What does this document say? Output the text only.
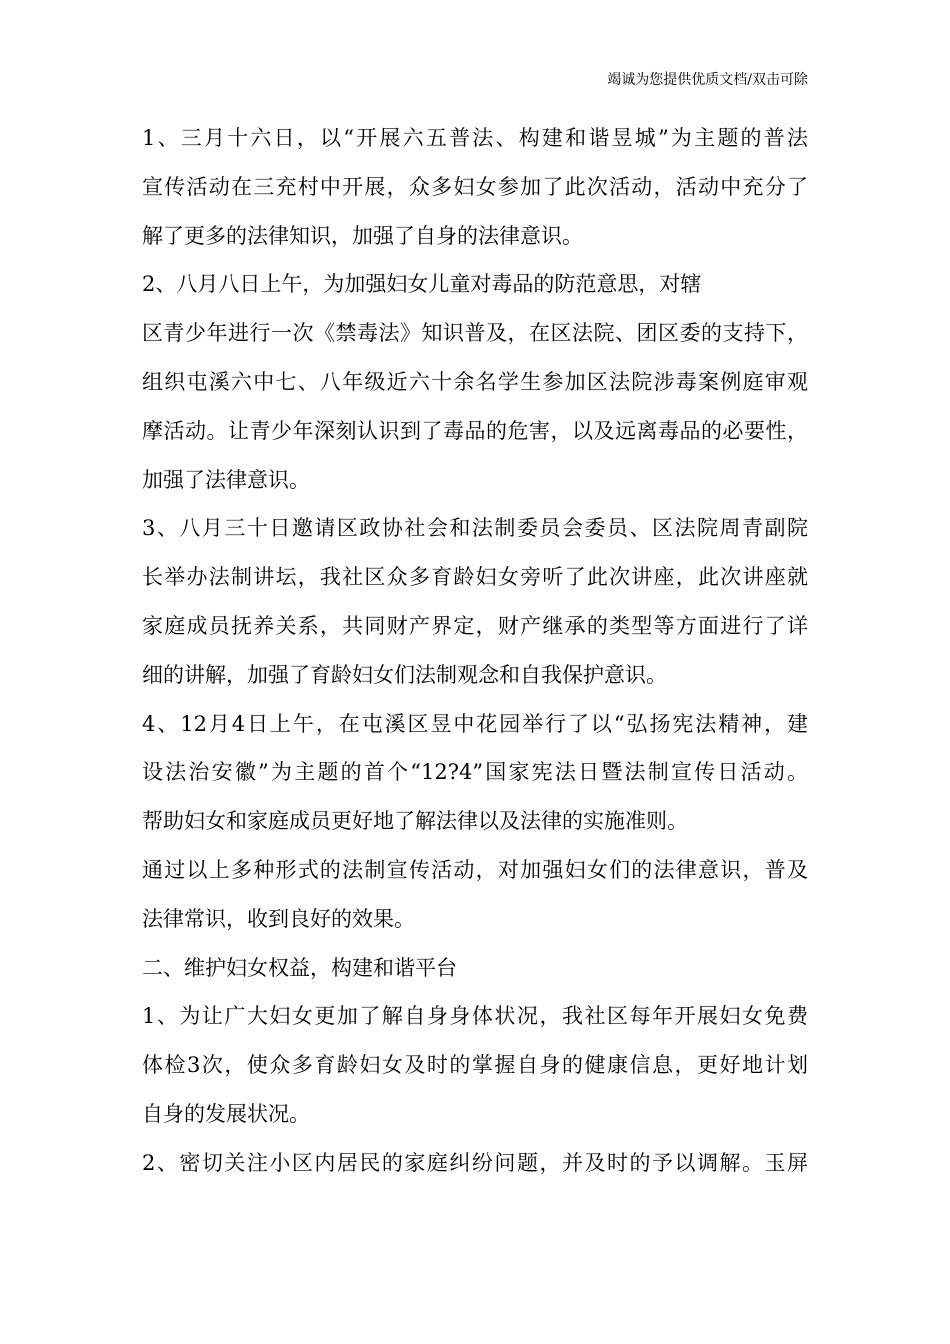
竭诚为您提供优质文档/双击可除
1、三月十六日，以“开展六五普法、构建和谐昱城”为主题的普法
宣传活动在三充村中开展，众多妇女参加了此次活动，活动中充分了
解了更多的法律知识，加强了自身的法律意识。
2、八月八日上午，为加强妇女儿童对毒品的防范意思，对辖
区青少年进行一次《禁毒法》知识普及，在区法院、团区委的支持下，
组织屯溪六中七、八年级近六十余名学生参加区法院涉毒案例庭审观
摩活动。让青少年深刻认识到了毒品的危害，以及远离毒品的必要性，
加强了法律意识。
3、八月三十日邀请区政协社会和法制委员会委员、区法院周青副院
长举办法制讲坛，我社区众多育龄妇女旁听了此次讲座，此次讲座就
家庭成员抚养关系，共同财产界定，财产继承的类型等方面进行了详
细的讲解，加强了育龄妇女们法制观念和自我保护意识。
4、12月4日上午，在屯溪区昱中花园举行了以“弘扬宪法精神，建
设法治安徽”为主题的首个“12?4”国家宪法日暨法制宣传日活动。
帮助妇女和家庭成员更好地了解法律以及法律的实施准则。
通过以上多种形式的法制宣传活动，对加强妇女们的法律意识，普及
法律常识，收到良好的效果。
二、维护妇女权益，构建和谐平台
1、为让广大妇女更加了解自身身体状况，我社区每年开展妇女免费
体检3次，使众多育龄妇女及时的掌握自身的健康信息，更好地计划
自身的发展状况。
2、密切关注小区内居民的家庭纠纷问题，并及时的予以调解。玉屏
